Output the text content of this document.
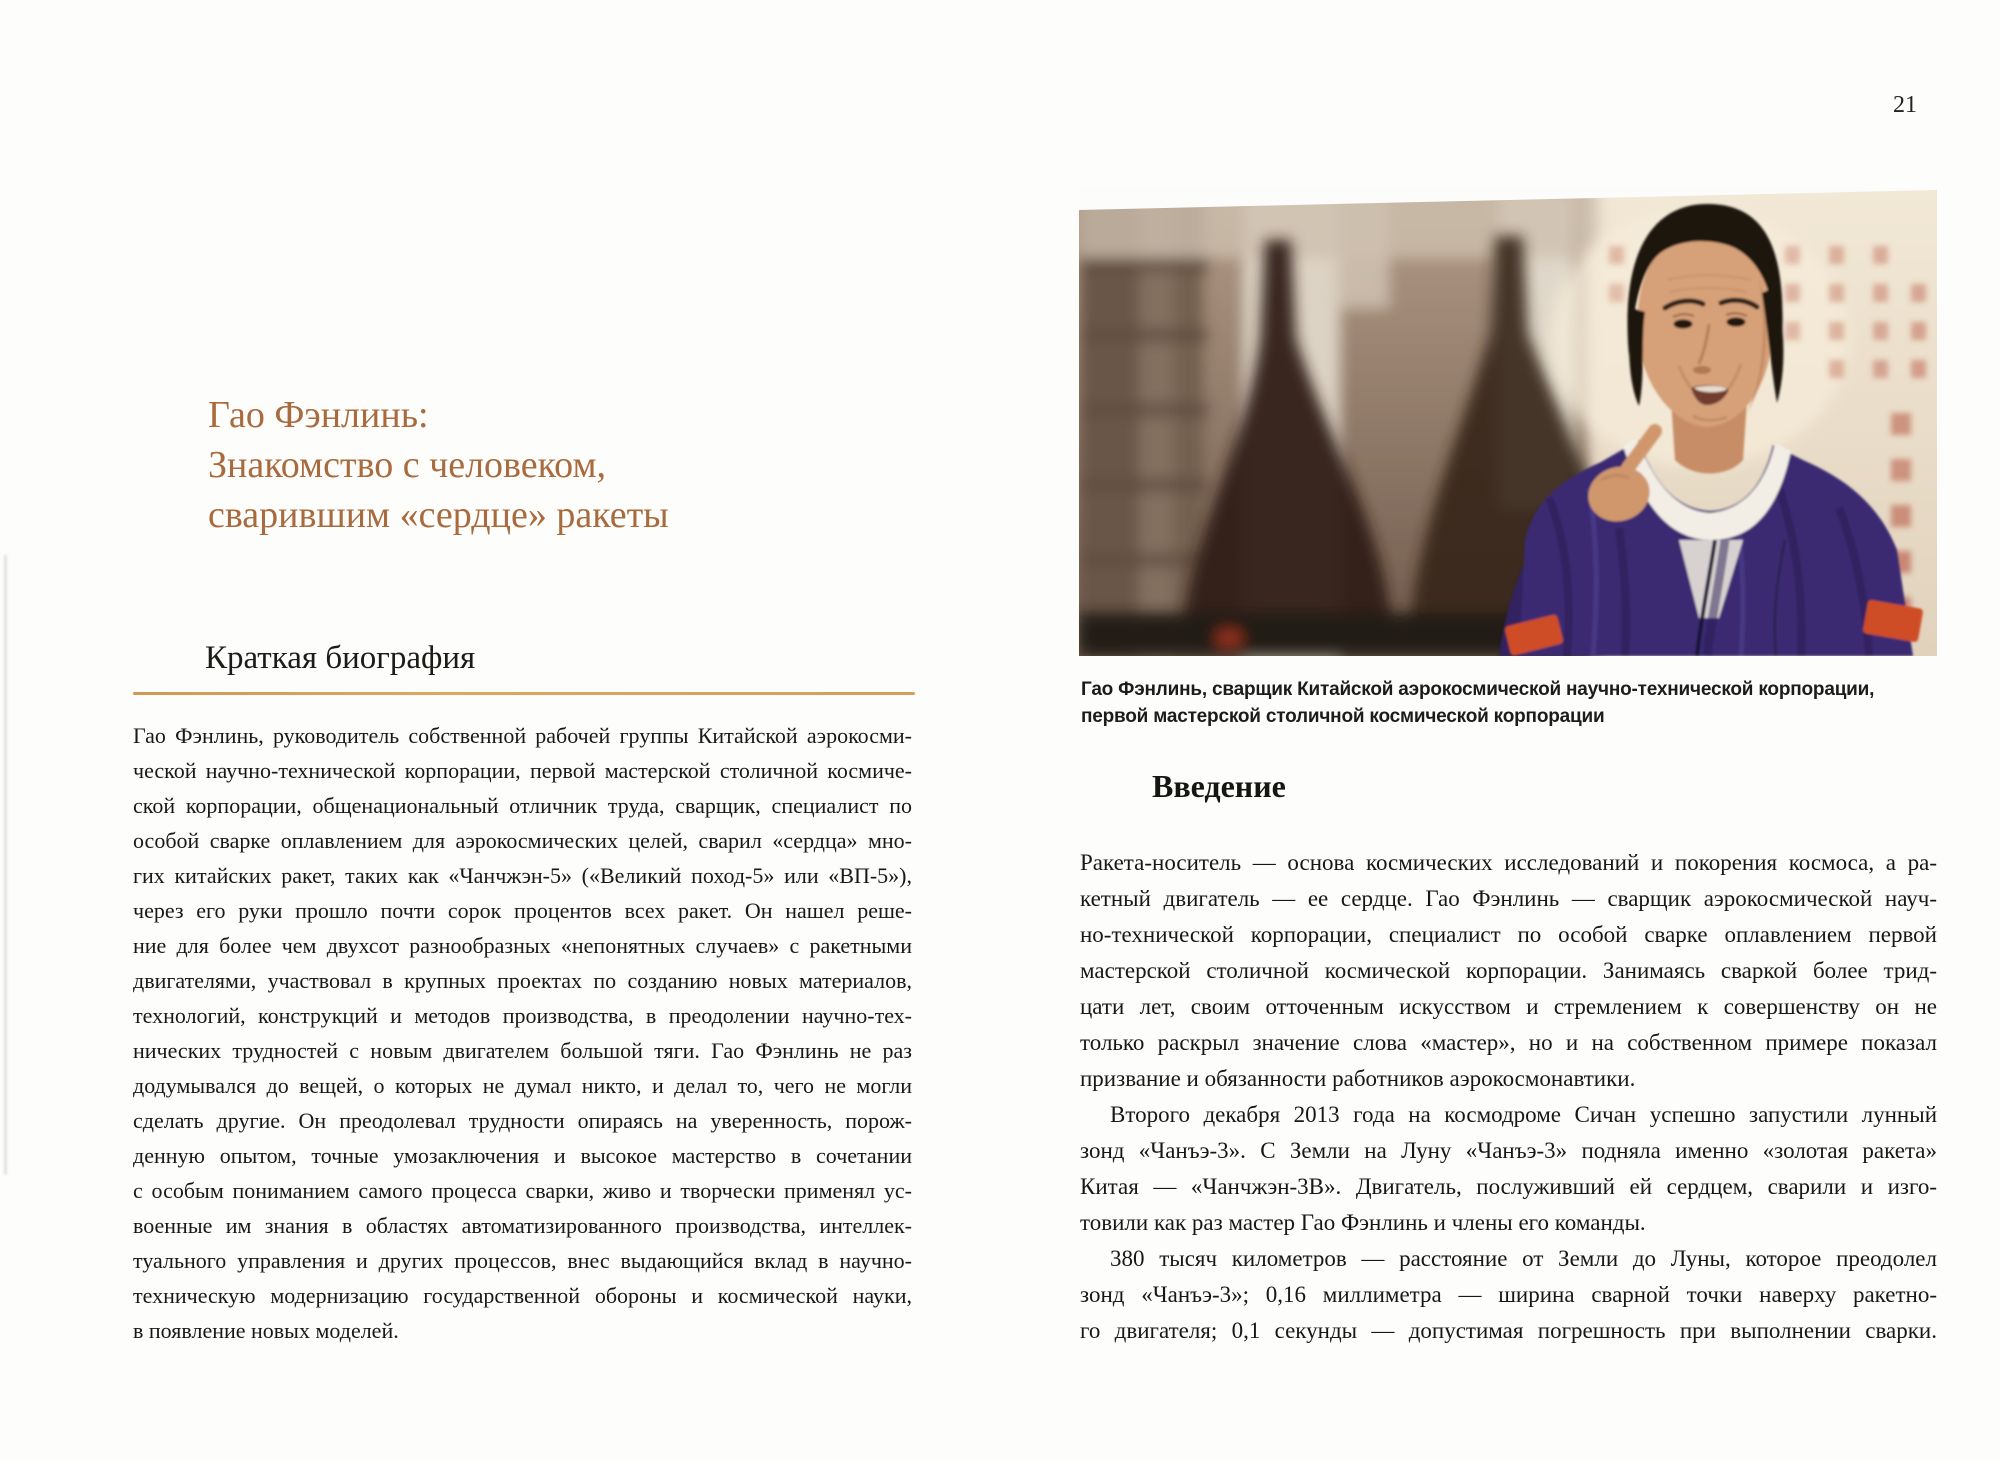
Гао Фэнлинь:
Знакомство с человеком,
сварившим «сердце» ракеты
Краткая биография
Гао Фэнлинь, руководитель собственной рабочей группы Китайской аэрокосми-
ческой научно-технической корпорации, первой мастерской столичной космиче-
ской корпорации, общенациональный отличник труда, сварщик, специалист по
особой сварке оплавлением для аэрокосмических целей, сварил «сердца» мно-
гих китайских ракет, таких как «Чанчжэн-5» («Великий поход-5» или «ВП-5»),
через его руки прошло почти сорок процентов всех ракет. Он нашел реше-
ние для более чем двухсот разнообразных «непонятных случаев» с ракетными
двигателями, участвовал в крупных проектах по созданию новых материалов,
технологий, конструкций и методов производства, в преодолении научно-тех-
нических трудностей с новым двигателем большой тяги. Гао Фэнлинь не раз
додумывался до вещей, о которых не думал никто, и делал то, чего не могли
сделать другие. Он преодолевал трудности опираясь на уверенность, порож-
денную опытом, точные умозаключения и высокое мастерство в сочетании
с особым пониманием самого процесса сварки, живо и творчески применял ус-
военные им знания в областях автоматизированного производства, интеллек-
туального управления и других процессов, внес выдающийся вклад в научно-
техническую модернизацию государственной обороны и космической науки,
в появление новых моделей.
21
Гао Фэнлинь, сварщик Китайской аэрокосмической научно-технической корпорации,
первой мастерской столичной космической корпорации
Введение
Ракета-носитель — основа космических исследований и покорения космоса, а ра-
кетный двигатель — ее сердце. Гао Фэнлинь — сварщик аэрокосмической науч-
но-технической корпорации, специалист по особой сварке оплавлением первой
мастерской столичной космической корпорации. Занимаясь сваркой более трид-
цати лет, своим отточенным искусством и стремлением к совершенству он не
только раскрыл значение слова «мастер», но и на собственном примере показал
призвание и обязанности работников аэрокосмонавтики.
Второго декабря 2013 года на космодроме Сичан успешно запустили лунный
зонд «Чанъэ-3». С Земли на Луну «Чанъэ-3» подняла именно «золотая ракета»
Китая — «Чанчжэн-3В». Двигатель, послуживший ей сердцем, сварили и изго-
товили как раз мастер Гао Фэнлинь и члены его команды.
380 тысяч километров — расстояние от Земли до Луны, которое преодолел
зонд «Чанъэ-3»; 0,16 миллиметра — ширина сварной точки наверху ракетно-
го двигателя; 0,1 секунды — допустимая погрешность при выполнении сварки.
